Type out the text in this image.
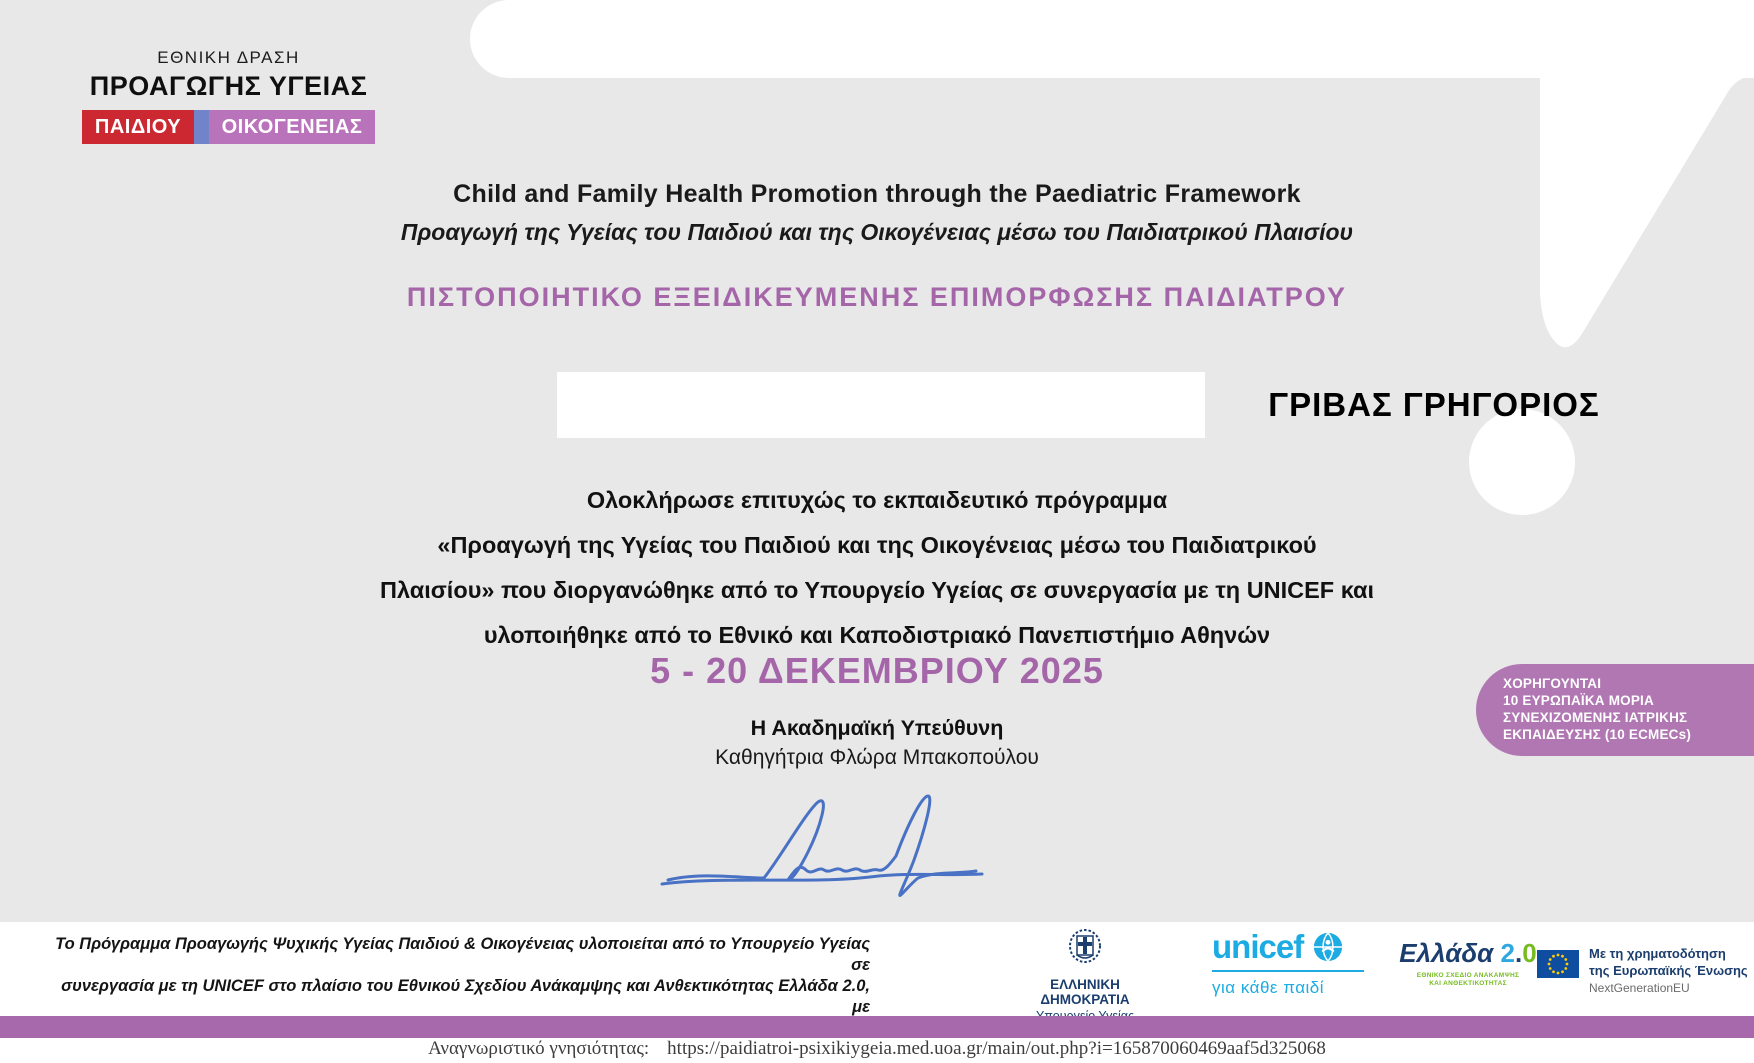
ΕΘΝΙΚΗ ΔΡΑΣΗ
ΠΡΟΑΓΩΓΗΣ ΥΓΕΙΑΣ
ΠΑΙΔΙΟΥ	ΟΙΚΟΓΕΝΕΙΑΣ
Child and Family Health Promotion through the Paediatric Framework
Προαγωγή της Υγείας του Παιδιού και της Οικογένειας μέσω του Παιδιατρικού Πλαισίου
ΠΙΣΤΟΠΟΙΗΤΙΚΟ ΕΞΕΙΔΙΚΕΥΜΕΝΗΣ ΕΠΙΜΟΡΦΩΣΗΣ ΠΑΙΔΙΑΤΡΟΥ
ΓΡΙΒΑΣ ΓΡΗΓΟΡΙΟΣ
Ολοκλήρωσε επιτυχώς το εκπαιδευτικό πρόγραμμα
«Προαγωγή της Υγείας του Παιδιού και της Οικογένειας μέσω του Παιδιατρικού
Πλαισίου» που διοργανώθηκε από το Υπουργείο Υγείας σε συνεργασία με τη UNICEF και
υλοποιήθηκε από το Εθνικό και Καποδιστριακό Πανεπιστήμιο Αθηνών
5 - 20 ΔΕΚΕΜΒΡΙΟΥ 2025
Η Ακαδημαϊκή Υπεύθυνη
Καθηγήτρια Φλώρα Μπακοπούλου
ΧΟΡΗΓΟΥΝΤΑΙ
10 ΕΥΡΩΠΑΪΚΑ ΜΟΡΙΑ
ΣΥΝΕΧΙΖΟΜΕΝΗΣ ΙΑΤΡΙΚΗΣ
ΕΚΠΑΙΔΕΥΣΗΣ (10 ECMECs)
Το Πρόγραμμα Προαγωγής Ψυχικής Υγείας Παιδιού & Οικογένειας υλοποιείται από το Υπουργείο Υγείας σε
συνεργασία με τη UNICEF στο πλαίσιο του Εθνικού Σχεδίου Ανάκαμψης και Ανθεκτικότητας Ελλάδα 2.0, με
ΕΛΛΗΝΙΚΗ ΔΗΜΟΚΡΑΤΙΑ
unicef
για κάθε παιδί
Ελλάδα 2.0
ΕΘΝΙΚΟ ΣΧΕΔΙΟ ΑΝΑΚΑΜΨΗΣ
ΚΑΙ ΑΝΘΕΚΤΙΚΟΤΗΤΑΣ
Με τη χρηματοδότηση
της Ευρωπαϊκής Ένωσης
NextGenerationEU
Αναγνωριστικό γνησιότητας: https://paidiatroi-psixikiygeia.med.uoa.gr/main/out.php?i=165870060469aaf5d325068
